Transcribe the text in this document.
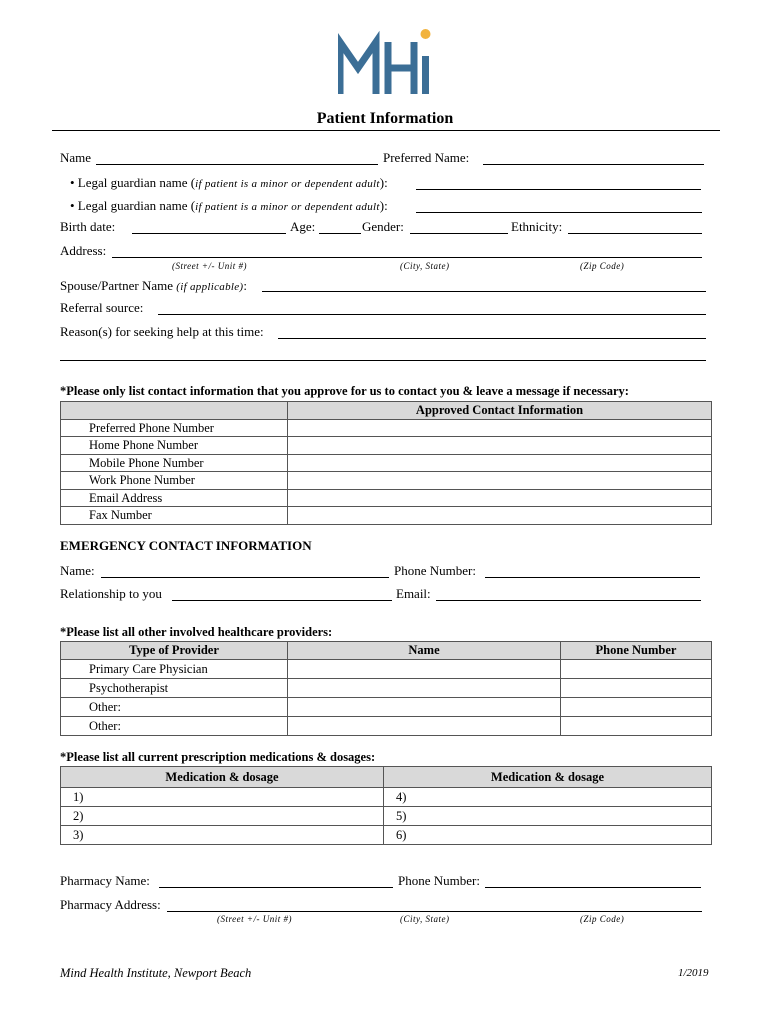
Patient Information
Name	Preferred Name:
• Legal guardian name (if patient is a minor or dependent adult):
• Legal guardian name (if patient is a minor or dependent adult):
Birth date:	Age:	Gender:	Ethnicity:
Address:
(Street +/- Unit #)	(City, State)	(Zip Code)
Spouse/Partner Name (if applicable):
Referral source:
Reason(s) for seeking help at this time:
*Please only list contact information that you approve for us to contact you & leave a message if necessary:
	Approved Contact Information
Preferred Phone Number	
Home Phone Number	
Mobile Phone Number	
Work Phone Number	
Email Address	
Fax Number	
EMERGENCY CONTACT INFORMATION
Name:	Phone Number:
Relationship to you	Email:
*Please list all other involved healthcare providers:
Type of Provider	Name	Phone Number
Primary Care Physician		
Psychotherapist		
Other:		
Other:		
*Please list all current prescription medications & dosages:
Medication & dosage	Medication & dosage
1)	4)
2)	5)
3)	6)
Pharmacy Name:	Phone Number:
Pharmacy Address:
(Street +/- Unit #)	(City, State)	(Zip Code)
Mind Health Institute, Newport Beach	1/2019
